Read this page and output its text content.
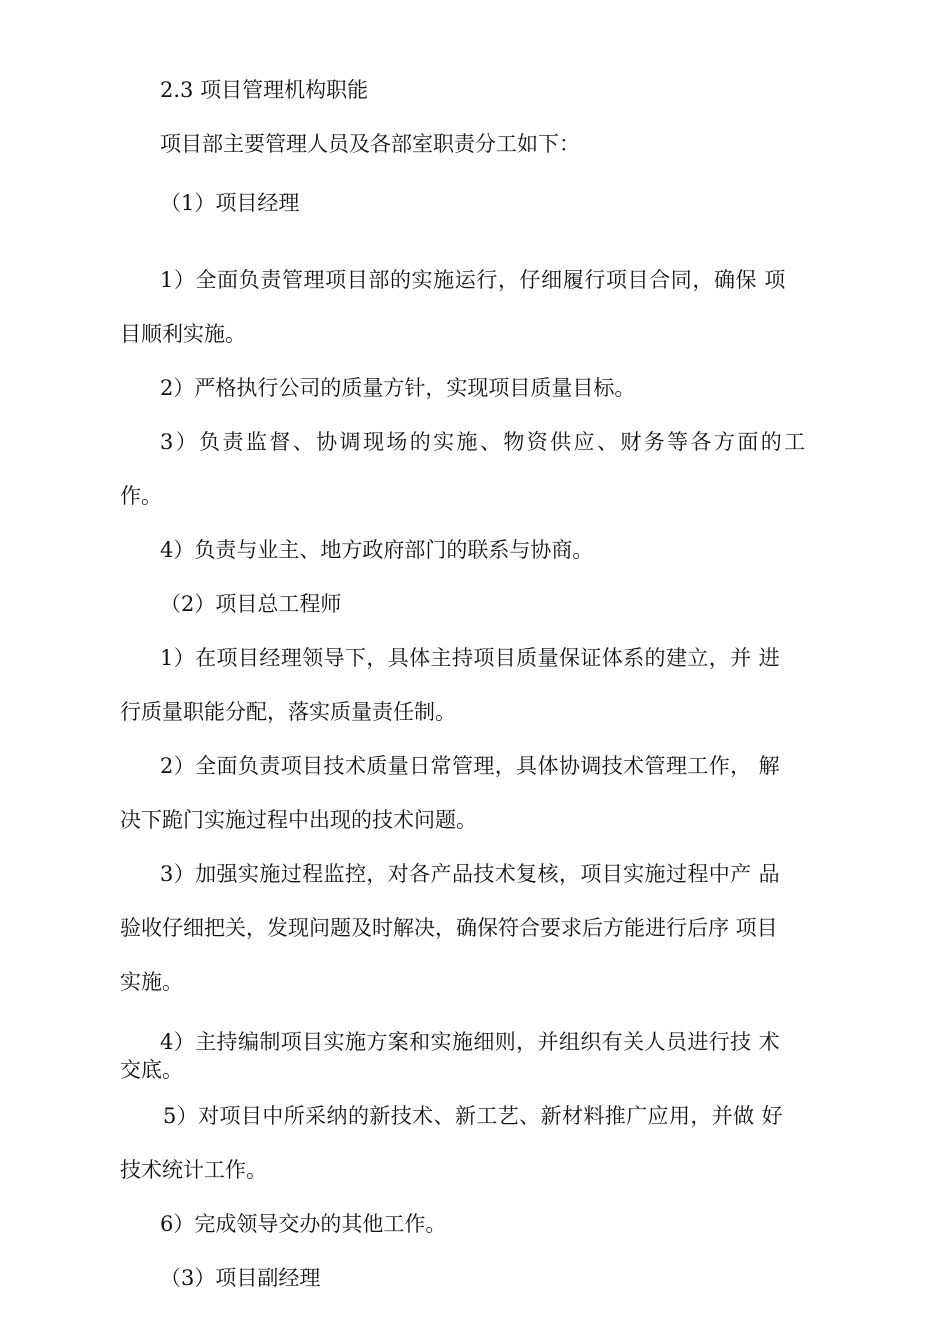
2.3 项目管理机构职能
项目部主要管理人员及各部室职责分工如下：
（1）项目经理
1）全面负责管理项目部的实施运行，仔细履行项目合同，确保 项
目顺利实施。
2）严格执行公司的质量方针，实现项目质量目标。
3）负责监督、协调现场的实施、物资供应、财务等各方面的工
作。
4）负责与业主、地方政府部门的联系与协商。
（2）项目总工程师
1）在项目经理领导下，具体主持项目质量保证体系的建立，并 进
行质量职能分配，落实质量责任制。
2）全面负责项目技术质量日常管理，具体协调技术管理工作， 解
决下跪门实施过程中出现的技术问题。
3）加强实施过程监控，对各产品技术复核，项目实施过程中产 品
验收仔细把关，发现问题及时解决，确保符合要求后方能进行后序 项目
实施。
4）主持编制项目实施方案和实施细则，并组织有关人员进行技 术
交底。
5）对项目中所采纳的新技术、新工艺、新材料推广应用，并做 好
技术统计工作。
6）完成领导交办的其他工作。
（3）项目副经理
